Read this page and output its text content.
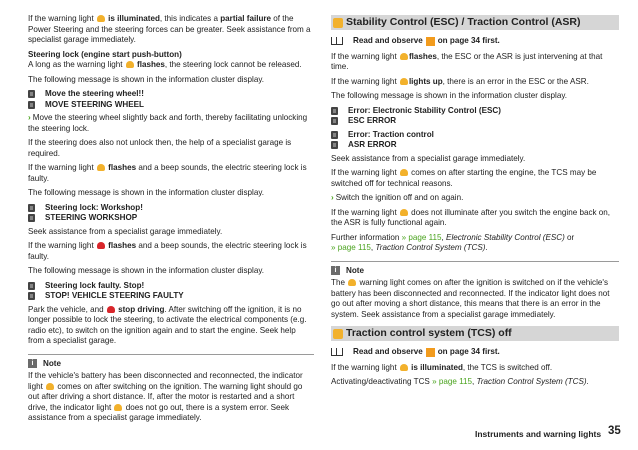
If the warning light  is illuminated, this indicates a partial failure of the Power Steering and the steering forces can be greater. Seek assistance from a specialist garage immediately.

Steering lock (engine start push-button)

A long as the warning light  flashes, the steering lock cannot be released.

The following message is shown in the information cluster display.

Move the steering wheel!!
MOVE STEERING WHEEL

› Move the steering wheel slightly back and forth, thereby facilitating unlocking the steering lock.

If the steering does also not unlock then, the help of a specialist garage is required.

If the warning light  flashes and a beep sounds, the electric steering lock is faulty.

The following message is shown in the information cluster display.

Steering lock: Workshop!
STEERING WORKSHOP

Seek assistance from a specialist garage immediately.

If the warning light  flashes and a beep sounds, the electric steering lock is faulty.

The following message is shown in the information cluster display.

Steering lock faulty. Stop!
STOP! VEHICLE STEERING FAULTY

Park the vehicle, and  stop driving. After switching off the ignition, it is no longer possible to lock the steering, to activate the electrical components (e.g. radio etc), to switch on the ignition again and to start the engine. Seek help from a specialist garage.

i	Note

If the vehicle's battery has been disconnected and reconnected, the indicator light  comes on after switching on the ignition. The warning light should go out after driving a short distance. If, after the motor is restarted and a short drive, the indicator light  does not go out, there is a system error. Seek assistance from a specialist garage immediately.

Stability Control (ESC) / Traction Control (ASR)
Read and observe on page 34 first.

If the warning light flashes, the ESC or the ASR is just intervening at that time.

If the warning light lights up, there is an error in the ESC or the ASR.

The following message is shown in the information cluster display.

Error: Electronic Stability Control (ESC)
ESC ERROR
Error: Traction control
ASR ERROR

Seek assistance from a specialist garage immediately.

If the warning light  comes on after starting the engine, the TCS may be switched off for technical reasons.

› Switch the ignition off and on again.

If the warning light  does not illuminate after you switch the engine back on, the ASR is fully functional again.

Further information » page 115, Electronic Stability Control (ESC) or
» page 115, Traction Control System (TCS).

i	Note

The  warning light comes on after the ignition is switched on if the vehicle's battery has been disconnected and reconnected. If the indicator light does not go out after moving a short distance, this means that there is an error in the system. Seek assistance from a specialist garage immediately.

Traction control system (TCS) off
Read and observe on page 34 first.

If the warning light  is illuminated, the TCS is switched off.

Activating/deactivating TCS » page 115, Traction Control System (TCS).

Instruments and warning lights 35
